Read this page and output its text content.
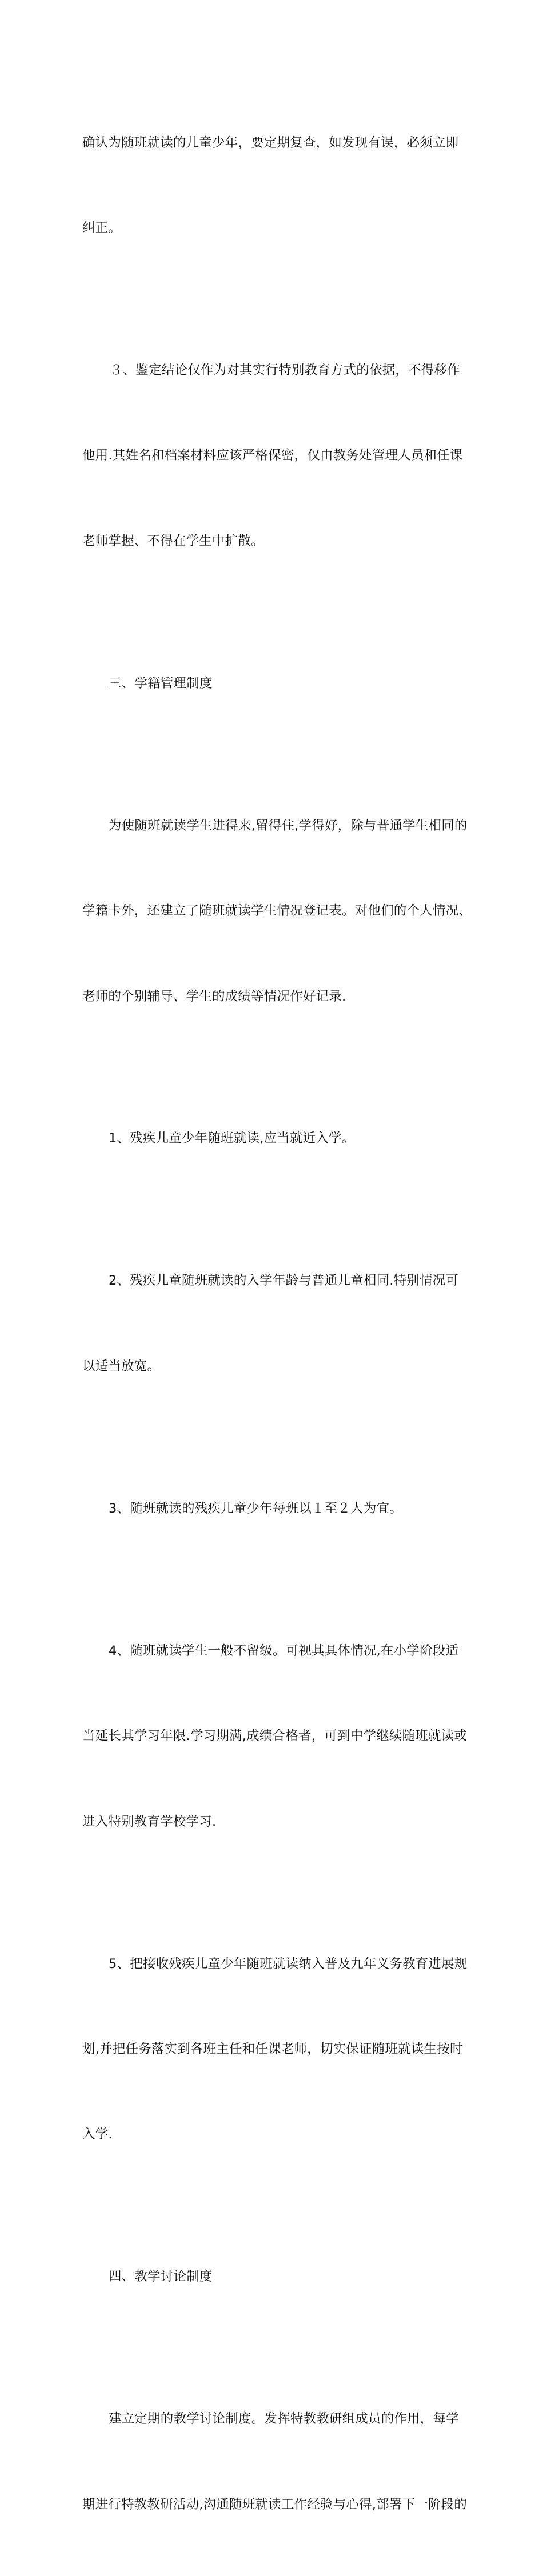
确认为随班就读的儿童少年，要定期复查，如发现有误，必须立即

纠正。

３、鉴定结论仅作为对其实行特别教育方式的依据，不得移作

他用.其姓名和档案材料应该严格保密，仅由教务处管理人员和任课

老师掌握、不得在学生中扩散。

三、学籍管理制度

为使随班就读学生进得来,留得住,学得好，除与普通学生相同的

学籍卡外，还建立了随班就读学生情况登记表。对他们的个人情况、

老师的个别辅导、学生的成绩等情况作好记录.

1、残疾儿童少年随班就读,应当就近入学。

2、残疾儿童随班就读的入学年龄与普通儿童相同.特别情况可

以适当放宽。

3、随班就读的残疾儿童少年每班以１至２人为宜。

4、随班就读学生一般不留级。可视其具体情况,在小学阶段适

当延长其学习年限.学习期满,成绩合格者，可到中学继续随班就读或

进入特别教育学校学习.

5、把接收残疾儿童少年随班就读纳入普及九年义务教育进展规

划,并把任务落实到各班主任和任课老师，切实保证随班就读生按时

入学.

四、教学讨论制度

建立定期的教学讨论制度。发挥特教教研组成员的作用，每学

期进行特教教研活动,沟通随班就读工作经验与心得,部署下一阶段的
